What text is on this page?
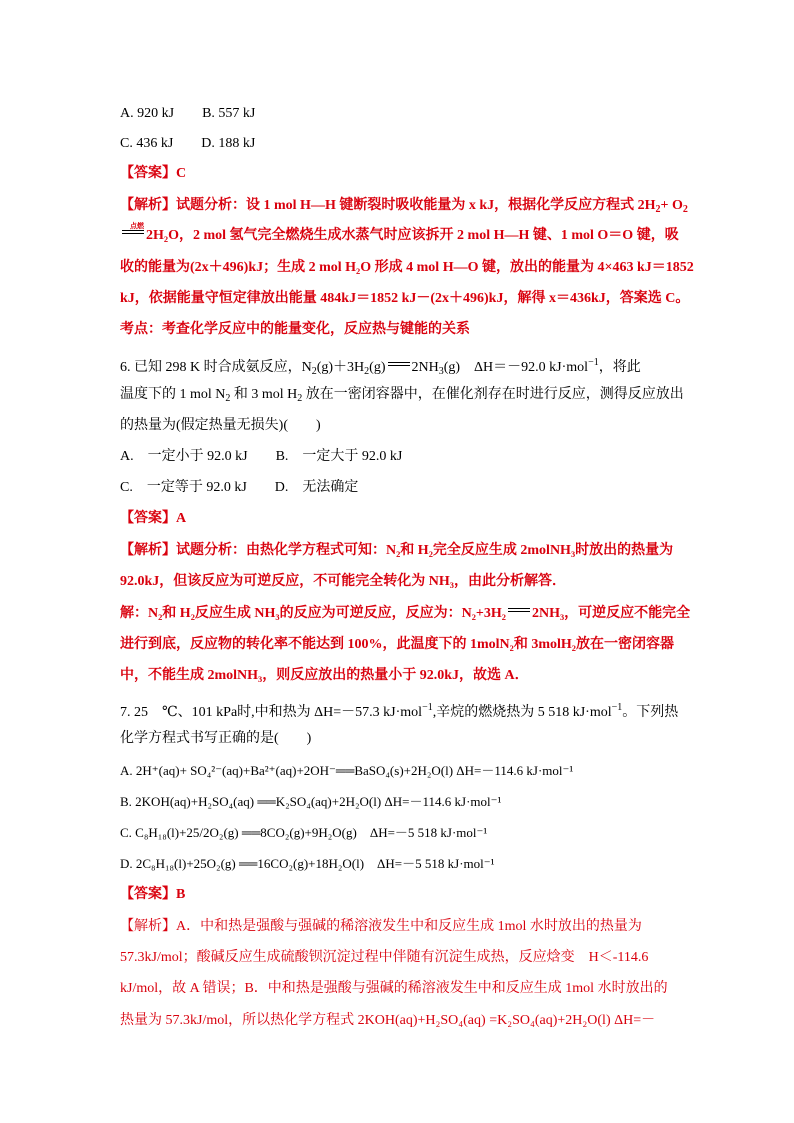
A. 920 kJ B. 557 kJ
C. 436 kJ D. 188 kJ
【答案】C
【解析】试题分析：设 1 mol H—H 键断裂时吸收能量为 x kJ，根据化学反应方程式 $2H_2+ O_2$
点燃
2H₂O，2 mol 氢气完全燃烧生成水蒸气时应该拆开 2 mol H—H 键、1 mol O＝O 键，吸
收的能量为(2x＋496)kJ；生成 2 mol H₂O 形成 4 mol H—O 键，放出的能量为 4×463 kJ＝1852
kJ，依据能量守恒定律放出能量 484kJ＝1852 kJ－(2x＋496)kJ，解得 x＝436kJ，答案选 C。
考点：考查化学反应中的能量变化，反应热与键能的关系
6. 已知 298 K 时合成氨反应，$N_2(g)+3H_2(g)$ $2NH_3(g)$　ΔH＝－92.0 kJ·mol$^{-1}$，将此
温度下的 1 mol $N_2$ 和 3 mol $H_2$ 放在一密闭容器中，在催化剂存在时进行反应，测得反应放出
的热量为(假定热量无损失)(　　)
A.　一定小于 92.0 kJ B.　一定大于 92.0 kJ
C.　一定等于 92.0 kJ D.　无法确定
【答案】A
【解析】试题分析：由热化学方程式可知：N₂和 H₂完全反应生成 2molNH₃时放出的热量为
92.0kJ，但该反应为可逆反应，不可能完全转化为 NH₃，由此分析解答．
解：N₂和 H₂反应生成 NH₃的反应为可逆反应，反应为：N₂+3H₂ 2NH₃，可逆反应不能完全
进行到底，反应物的转化率不能达到 100%，此温度下的 1molN₂和 3molH₂放在一密闭容器
中，不能生成 2molNH₃，则反应放出的热量小于 92.0kJ，故选 A．
7. 25　℃、101 kPa时,中和热为 ΔH=－57.3 kJ·mol$^{-1}$,辛烷的燃烧热为 5 518 kJ·mol$^{-1}$。下列热
化学方程式书写正确的是(　　)
A. 2H⁺(aq)+ SO₄²⁻(aq)+Ba²⁺(aq)+2OH⁻══BaSO₄(s)+2H₂O(l) ΔH=－114.6 kJ·mol⁻¹
B. 2KOH(aq)+H₂SO₄(aq) ══K₂SO₄(aq)+2H₂O(l) ΔH=－114.6 kJ·mol⁻¹
C. C₈H₁₈(l)+25/2O₂(g) ══8CO₂(g)+9H₂O(g)　ΔH=－5 518 kJ·mol⁻¹
D. 2C₈H₁₈(l)+25O₂(g) ══16CO₂(g)+18H₂O(l)　ΔH=－5 518 kJ·mol⁻¹
【答案】B
【解析】A．中和热是强酸与强碱的稀溶液发生中和反应生成 1mol 水时放出的热量为
57.3kJ/mol；酸碱反应生成硫酸钡沉淀过程中伴随有沉淀生成热，反应焓变　H＜-114.6
kJ/mol，故 A 错误；B．中和热是强酸与强碱的稀溶液发生中和反应生成 1mol 水时放出的
热量为 57.3kJ/mol，所以热化学方程式 2KOH(aq)+H₂SO₄(aq) =K₂SO₄(aq)+2H₂O(l) ΔH=－
